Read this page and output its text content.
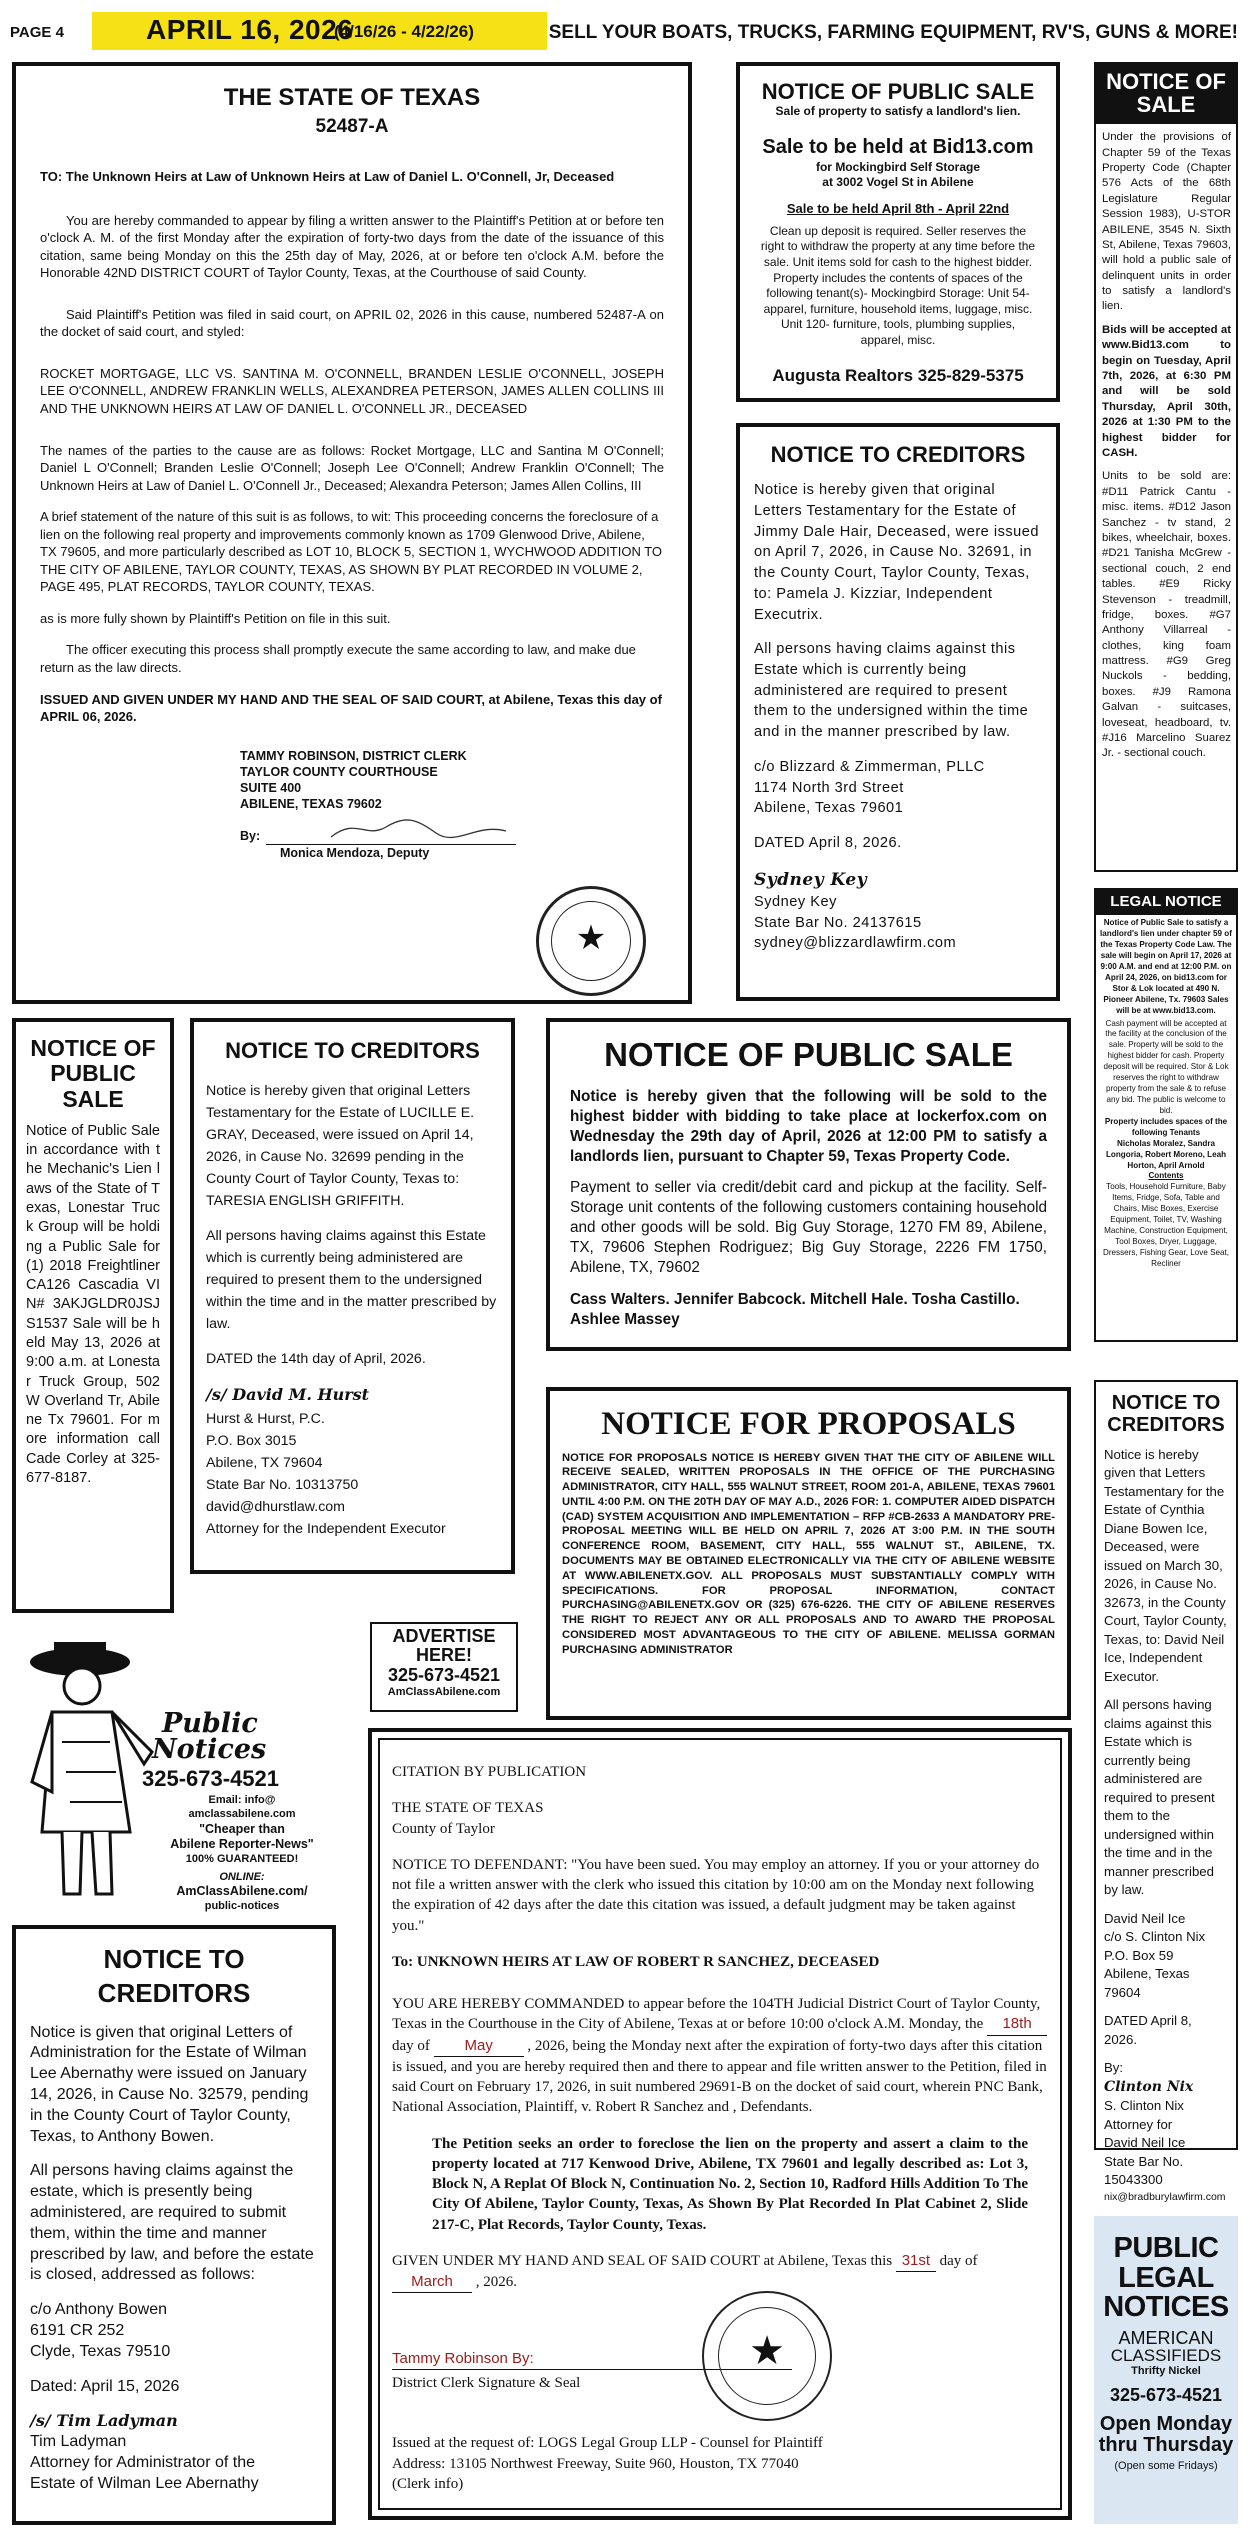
PAGE 4	APRIL 16, 2026
(4/16/26 - 4/22/26)	SELL YOUR BOATS, TRUCKS, FARMING EQUIPMENT, RV'S, GUNS & MORE!
THE STATE OF TEXAS
52487-A

TO: The Unknown Heirs at Law of Unknown Heirs at Law of Daniel L. O'Connell, Jr, Deceased

You are hereby commanded to appear by filing a written answer to the Plaintiff's Petition at or before ten o'clock A. M. of the first Monday after the expiration of forty-two days from the date of the issuance of this citation, same being Monday on this the 25th day of May, 2026, at or before ten o'clock A.M. before the Honorable 42ND DISTRICT COURT of Taylor County, Texas, at the Courthouse of said County.

Said Plaintiff's Petition was filed in said court, on APRIL 02, 2026 in this cause, numbered 52487-A on the docket of said court, and styled:

ROCKET MORTGAGE, LLC VS. SANTINA M. O'CONNELL, BRANDEN LESLIE O'CONNELL, JOSEPH LEE O'CONNELL, ANDREW FRANKLIN WELLS, ALEXANDREA PETERSON, JAMES ALLEN COLLINS III AND THE UNKNOWN HEIRS AT LAW OF DANIEL L. O'CONNELL JR., DECEASED

The names of the parties to the cause are as follows: Rocket Mortgage, LLC and Santina M O'Connell; Daniel L O'Connell; Branden Leslie O'Connell; Joseph Lee O'Connell; Andrew Franklin O'Connell; The Unknown Heirs at Law of Daniel L. O'Connell Jr., Deceased; Alexandra Peterson; James Allen Collins, III

A brief statement of the nature of this suit is as follows, to wit: This proceeding concerns the foreclosure of a lien on the following real property and improvements commonly known as 1709 Glenwood Drive, Abilene, TX 79605, and more particularly described as LOT 10, BLOCK 5, SECTION 1, WYCHWOOD ADDITION TO THE CITY OF ABILENE, TAYLOR COUNTY, TEXAS, AS SHOWN BY PLAT RECORDED IN VOLUME 2, PAGE 495, PLAT RECORDS, TAYLOR COUNTY, TEXAS.

as is more fully shown by Plaintiff's Petition on file in this suit.

The officer executing this process shall promptly execute the same according to law, and make due return as the law directs.

ISSUED AND GIVEN UNDER MY HAND AND THE SEAL OF SAID COURT, at Abilene, Texas this day of APRIL 06, 2026.

TAMMY ROBINSON, DISTRICT CLERK
TAYLOR COUNTY COURTHOUSE
SUITE 400
ABILENE, TEXAS 79602
By:
Monica Mendoza, Deputy
★
NOTICE OF PUBLIC SALE
Sale of property to satisfy a landlord's lien.
Sale to be held at Bid13.com
for Mockingbird Self Storage
at 3002 Vogel St in Abilene
Sale to be held April 8th - April 22nd
Clean up deposit is required. Seller reserves the right to withdraw the property at any time before the sale. Unit items sold for cash to the highest bidder. Property includes the contents of spaces of the following tenant(s)- Mockingbird Storage: Unit 54- apparel, furniture, household items, luggage, misc. Unit 120- furniture, tools, plumbing supplies, apparel, misc.
Augusta Realtors 325-829-5375
NOTICE OF SALE

Under the provisions of Chapter 59 of the Texas Property Code (Chapter 576 Acts of the 68th Legislature Regular Session 1983), U-STOR ABILENE, 3545 N. Sixth St, Abilene, Texas 79603, will hold a public sale of delinquent units in order to satisfy a landlord's lien.

Bids will be accepted at www.Bid13.com to begin on Tuesday, April 7th, 2026, at 6:30 PM and will be sold Thursday, April 30th, 2026 at 1:30 PM to the highest bidder for CASH.

Units to be sold are: #D11 Patrick Cantu - misc. items. #D12 Jason Sanchez - tv stand, 2 bikes, wheelchair, boxes. #D21 Tanisha McGrew - sectional couch, 2 end tables. #E9 Ricky Stevenson - treadmill, fridge, boxes. #G7 Anthony Villarreal - clothes, king foam mattress. #G9 Greg Nuckols - bedding, boxes. #J9 Ramona Galvan - suitcases, loveseat, headboard, tv. #J16 Marcelino Suarez Jr. - sectional couch.

NOTICE TO CREDITORS

Notice is hereby given that original Letters Testamentary for the Estate of Jimmy Dale Hair, Deceased, were issued on April 7, 2026, in Cause No. 32691, in the County Court, Taylor County, Texas, to: Pamela J. Kizziar, Independent Executrix.

All persons having claims against this Estate which is currently being administered are required to present them to the undersigned within the time and in the manner prescribed by law.

c/o Blizzard & Zimmerman, PLLC
1174 North 3rd Street
Abilene, Texas 79601

DATED April 8, 2026.

Sydney Key
Sydney Key
State Bar No. 24137615
sydney@blizzardlawfirm.com
LEGAL NOTICE
Notice of Public Sale to satisfy a landlord's lien under chapter 59 of the Texas Property Code Law. The sale will begin on April 17, 2026 at 9:00 A.M. and end at 12:00 P.M. on April 24, 2026, on bid13.com for Stor & Lok located at 490 N. Pioneer Abilene, Tx. 79603 Sales will be at www.bid13.com.
Cash payment will be accepted at the facility at the conclusion of the sale. Property will be sold to the highest bidder for cash. Property deposit will be required. Stor & Lok reserves the right to withdraw property from the sale & to refuse any bid. The public is welcome to bid.
Property includes spaces of the following Tenants
Nicholas Moralez, Sandra Longoria, Robert Moreno, Leah Horton, April Arnold
Contents
Tools, Household Furniture, Baby Items, Fridge, Sofa, Table and Chairs, Misc Boxes, Exercise Equipment, Toilet, TV, Washing Machine, Construction Equipment, Tool Boxes, Dryer, Luggage, Dressers, Fishing Gear, Love Seat, Recliner
NOTICE OF PUBLIC SALE
Notice of Public Sale in accordance with the Mechanic's Lien laws of the State of Texas, Lonestar Truck Group will be holding a Public Sale for (1) 2018 Freightliner CA126 Cascadia VIN# 3AKJGLDR0JSJS1537 Sale will be held May 13, 2026 at 9:00 a.m. at Lonestar Truck Group, 502 W Overland Tr, Abilene Tx 79601. For more information call Cade Corley at 325-677-8187.
NOTICE TO CREDITORS

Notice is hereby given that original Letters Testamentary for the Estate of LUCILLE E. GRAY, Deceased, were issued on April 14, 2026, in Cause No. 32699 pending in the County Court of Taylor County, Texas to: TARESIA ENGLISH GRIFFITH.

All persons having claims against this Estate which is currently being administered are required to present them to the undersigned within the time and in the matter prescribed by law.

DATED the 14th day of April, 2026.

/s/ David M. Hurst
Hurst & Hurst, P.C.
P.O. Box 3015
Abilene, TX 79604
State Bar No. 10313750
david@dhurstlaw.com
Attorney for the Independent Executor
NOTICE OF PUBLIC SALE

Notice is hereby given that the following will be sold to the highest bidder with bidding to take place at lockerfox.com on Wednesday the 29th day of April, 2026 at 12:00 PM to satisfy a landlords lien, pursuant to Chapter 59, Texas Property Code.

Payment to seller via credit/debit card and pickup at the facility. Self-Storage unit contents of the following customers containing household and other goods will be sold. Big Guy Storage, 1270 FM 89, Abilene, TX, 79606 Stephen Rodriguez; Big Guy Storage, 2226 FM 1750, Abilene, TX, 79602

Cass Walters. Jennifer Babcock. Mitchell Hale. Tosha Castillo. Ashlee Massey

NOTICE FOR PROPOSALS
NOTICE FOR PROPOSALS NOTICE IS HEREBY GIVEN THAT THE CITY OF ABILENE WILL RECEIVE SEALED, WRITTEN PROPOSALS IN THE OFFICE OF THE PURCHASING ADMINISTRATOR, CITY HALL, 555 WALNUT STREET, ROOM 201-A, ABILENE, TEXAS 79601 UNTIL 4:00 P.M. ON THE 20TH DAY OF MAY A.D., 2026 FOR: 1. COMPUTER AIDED DISPATCH (CAD) SYSTEM ACQUISITION AND IMPLEMENTATION – RFP #CB-2633 A MANDATORY PRE-PROPOSAL MEETING WILL BE HELD ON APRIL 7, 2026 AT 3:00 P.M. IN THE SOUTH CONFERENCE ROOM, BASEMENT, CITY HALL, 555 WALNUT ST., ABILENE, TX. DOCUMENTS MAY BE OBTAINED ELECTRONICALLY VIA THE CITY OF ABILENE WEBSITE AT WWW.ABILENETX.GOV. ALL PROPOSALS MUST SUBSTANTIALLY COMPLY WITH SPECIFICATIONS. FOR PROPOSAL INFORMATION, CONTACT PURCHASING@ABILENETX.GOV OR (325) 676-6226. THE CITY OF ABILENE RESERVES THE RIGHT TO REJECT ANY OR ALL PROPOSALS AND TO AWARD THE PROPOSAL CONSIDERED MOST ADVANTAGEOUS TO THE CITY OF ABILENE. MELISSA GORMAN PURCHASING ADMINISTRATOR
NOTICE TO CREDITORS

Notice is hereby given that Letters Testamentary for the Estate of Cynthia Diane Bowen Ice, Deceased, were issued on March 30, 2026, in Cause No. 32673, in the County Court, Taylor County, Texas, to: David Neil Ice, Independent Executor.

All persons having claims against this Estate which is currently being administered are required to present them to the undersigned within the time and in the manner prescribed by law.

David Neil Ice
c/o S. Clinton Nix
P.O. Box 59
Abilene, Texas
79604

DATED April 8, 2026.

By:
Clinton Nix
S. Clinton Nix
Attorney for
David Neil Ice
State Bar No.
15043300
nix@bradburylawfirm.com
ADVERTISE
HERE!
325-673-4521
AmClassAbilene.com
Public
Notices
325-673-4521
Email: info@
amclassabilene.com
"Cheaper than
Abilene Reporter-News"
100% GUARANTEED!
ONLINE:
AmClassAbilene.com/
public-notices
NOTICE TO CREDITORS

Notice is given that original Letters of Administration for the Estate of Wilman Lee Abernathy were issued on January 14, 2026, in Cause No. 32579, pending in the County Court of Taylor County, Texas, to Anthony Bowen.

All persons having claims against the estate, which is presently being administered, are required to submit them, within the time and manner prescribed by law, and before the estate is closed, addressed as follows:

c/o Anthony Bowen
6191 CR 252
Clyde, Texas 79510

Dated: April 15, 2026

/s/ Tim Ladyman
Tim Ladyman
Attorney for Administrator of the
Estate of Wilman Lee Abernathy
CITATION BY PUBLICATION
THE STATE OF TEXAS
County of Taylor

NOTICE TO DEFENDANT: "You have been sued. You may employ an attorney. If you or your attorney do not file a written answer with the clerk who issued this citation by 10:00 am on the Monday next following the expiration of 42 days after the date this citation was issued, a default judgment may be taken against you."

To: UNKNOWN HEIRS AT LAW OF ROBERT R SANCHEZ, DECEASED

YOU ARE HEREBY COMMANDED to appear before the 104TH Judicial District Court of Taylor County, Texas in the Courthouse in the City of Abilene, Texas at or before 10:00 o'clock A.M. Monday, the 18th day of May , 2026, being the Monday next after the expiration of forty-two days after this citation is issued, and you are hereby required then and there to appear and file written answer to the Petition, filed in said Court on February 17, 2026, in suit numbered 29691-B on the docket of said court, wherein PNC Bank, National Association, Plaintiff, v. Robert R Sanchez and , Defendants.

The Petition seeks an order to foreclose the lien on the property and assert a claim to the property located at 717 Kenwood Drive, Abilene, TX 79601 and legally described as: Lot 3, Block N, A Replat Of Block N, Continuation No. 2, Section 10, Radford Hills Addition To The City Of Abilene, Taylor County, Texas, As Shown By Plat Recorded In Plat Cabinet 2, Slide 217-C, Plat Records, Taylor County, Texas.

GIVEN UNDER MY HAND AND SEAL OF SAID COURT at Abilene, Texas this 31st day of March , 2026.

Tammy Robinson By:
District Clerk Signature & Seal
★
Issued at the request of: LOGS Legal Group LLP - Counsel for Plaintiff
Address: 13105 Northwest Freeway, Suite 960, Houston, TX 77040
(Clerk info)
PUBLIC
LEGAL
NOTICES
AMERICAN
CLASSIFIEDS
Thrifty Nickel
325-673-4521
Open Monday
thru Thursday
(Open some Fridays)
